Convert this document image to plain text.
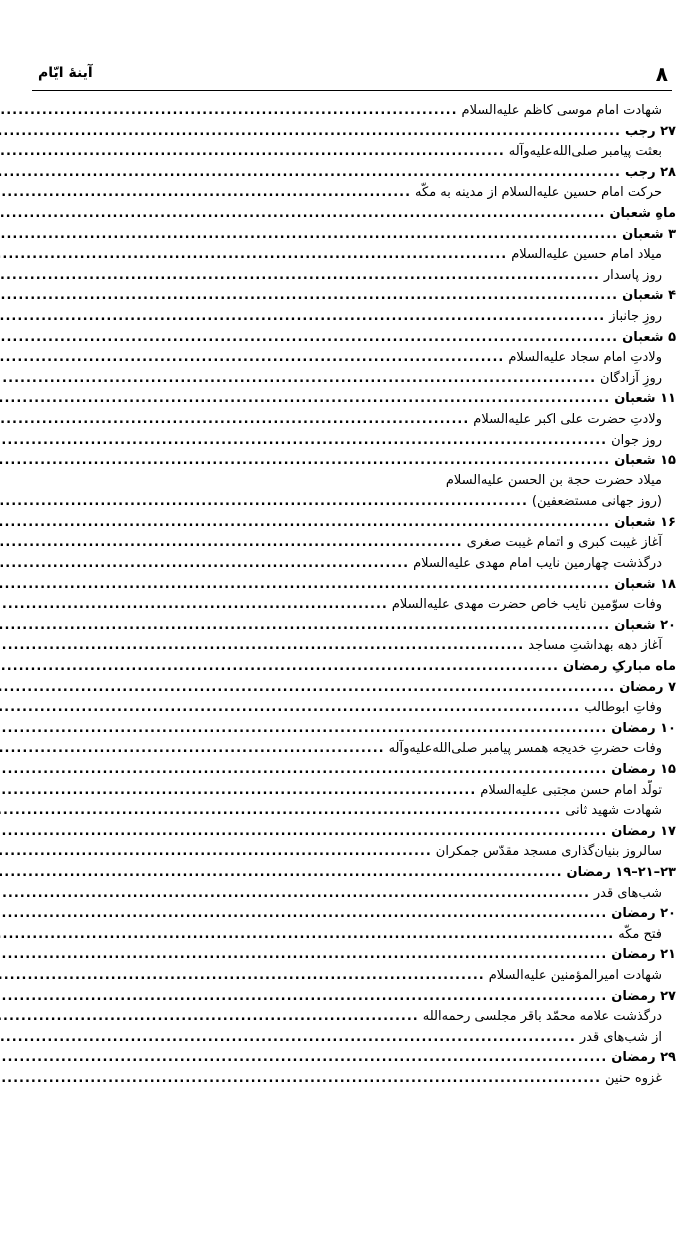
۸
آینهٔ ایّام
شهادت امام موسی کاظم علیه‌السلام
.....
۲۷ رجب
.....
بعثت پیامبر صلی‌الله‌علیه‌وآله
.....
۲۸ رجب
.....
حرکت امام حسین علیه‌السلام از مدینه به مکّه
.....
ماهِ شعبان
.....
۳ شعبان
.....
میلاد امام حسین علیه‌السلام
.....
روز پاسدار
.....
۴ شعبان
.....
روزِ جانباز
.....
۵ شعبان
.....
ولادتِ امام سجاد علیه‌السلام
.....
روزِ آزادگان
.....
۱۱ شعبان
.....
ولادتِ حضرت علی اکبر علیه‌السلام
.....
روز جوان
.....
۱۵ شعبان
.....
میلاد حضرت حجة بن الحسن علیه‌السلام
(روز جهانی مستضعفین)
.....
۱۶ شعبان
.....
آغاز غیبت کبری و اتمام غیبت صغری
.....
درگذشت چهارمین نایب امام مهدی علیه‌السلام
.....
۱۸ شعبان
.....
وفات سوّمین نایب خاص حضرت مهدی علیه‌السلام
.....
۲۰ شعبان
.....
آغاز دهه بهداشتِ مساجد
.....
ماه مبارکِ رمضان
.....
۷ رمضان
.....
وفاتِ ابوطالب
.....
۱۰ رمضان
.....
وفات حضرتِ خدیجه همسر پیامبر صلی‌الله‌علیه‌وآله
.....
۱۵ رمضان
.....
تولّد امام حسن مجتبی علیه‌السلام
.....
شهادت شهید ثانی
.....
۱۷ رمضان
.....
سالروز بنیان‌گذاری مسجد مقدّس جمکران
.....
۲۳–۲۱–۱۹ رمضان
.....
شب‌های قدر
.....
۲۰ رمضان
.....
فتح مکّه
.....
۲۱ رمضان
.....
شهادت امیرالمؤمنین علیه‌السلام
.....
۲۷ رمضان
.....
درگذشت علامه محمّد باقر مجلسی رحمه‌الله
.....
از شب‌های قدر
.....
۲۹ رمضان
.....
غزوه حنین
.....
